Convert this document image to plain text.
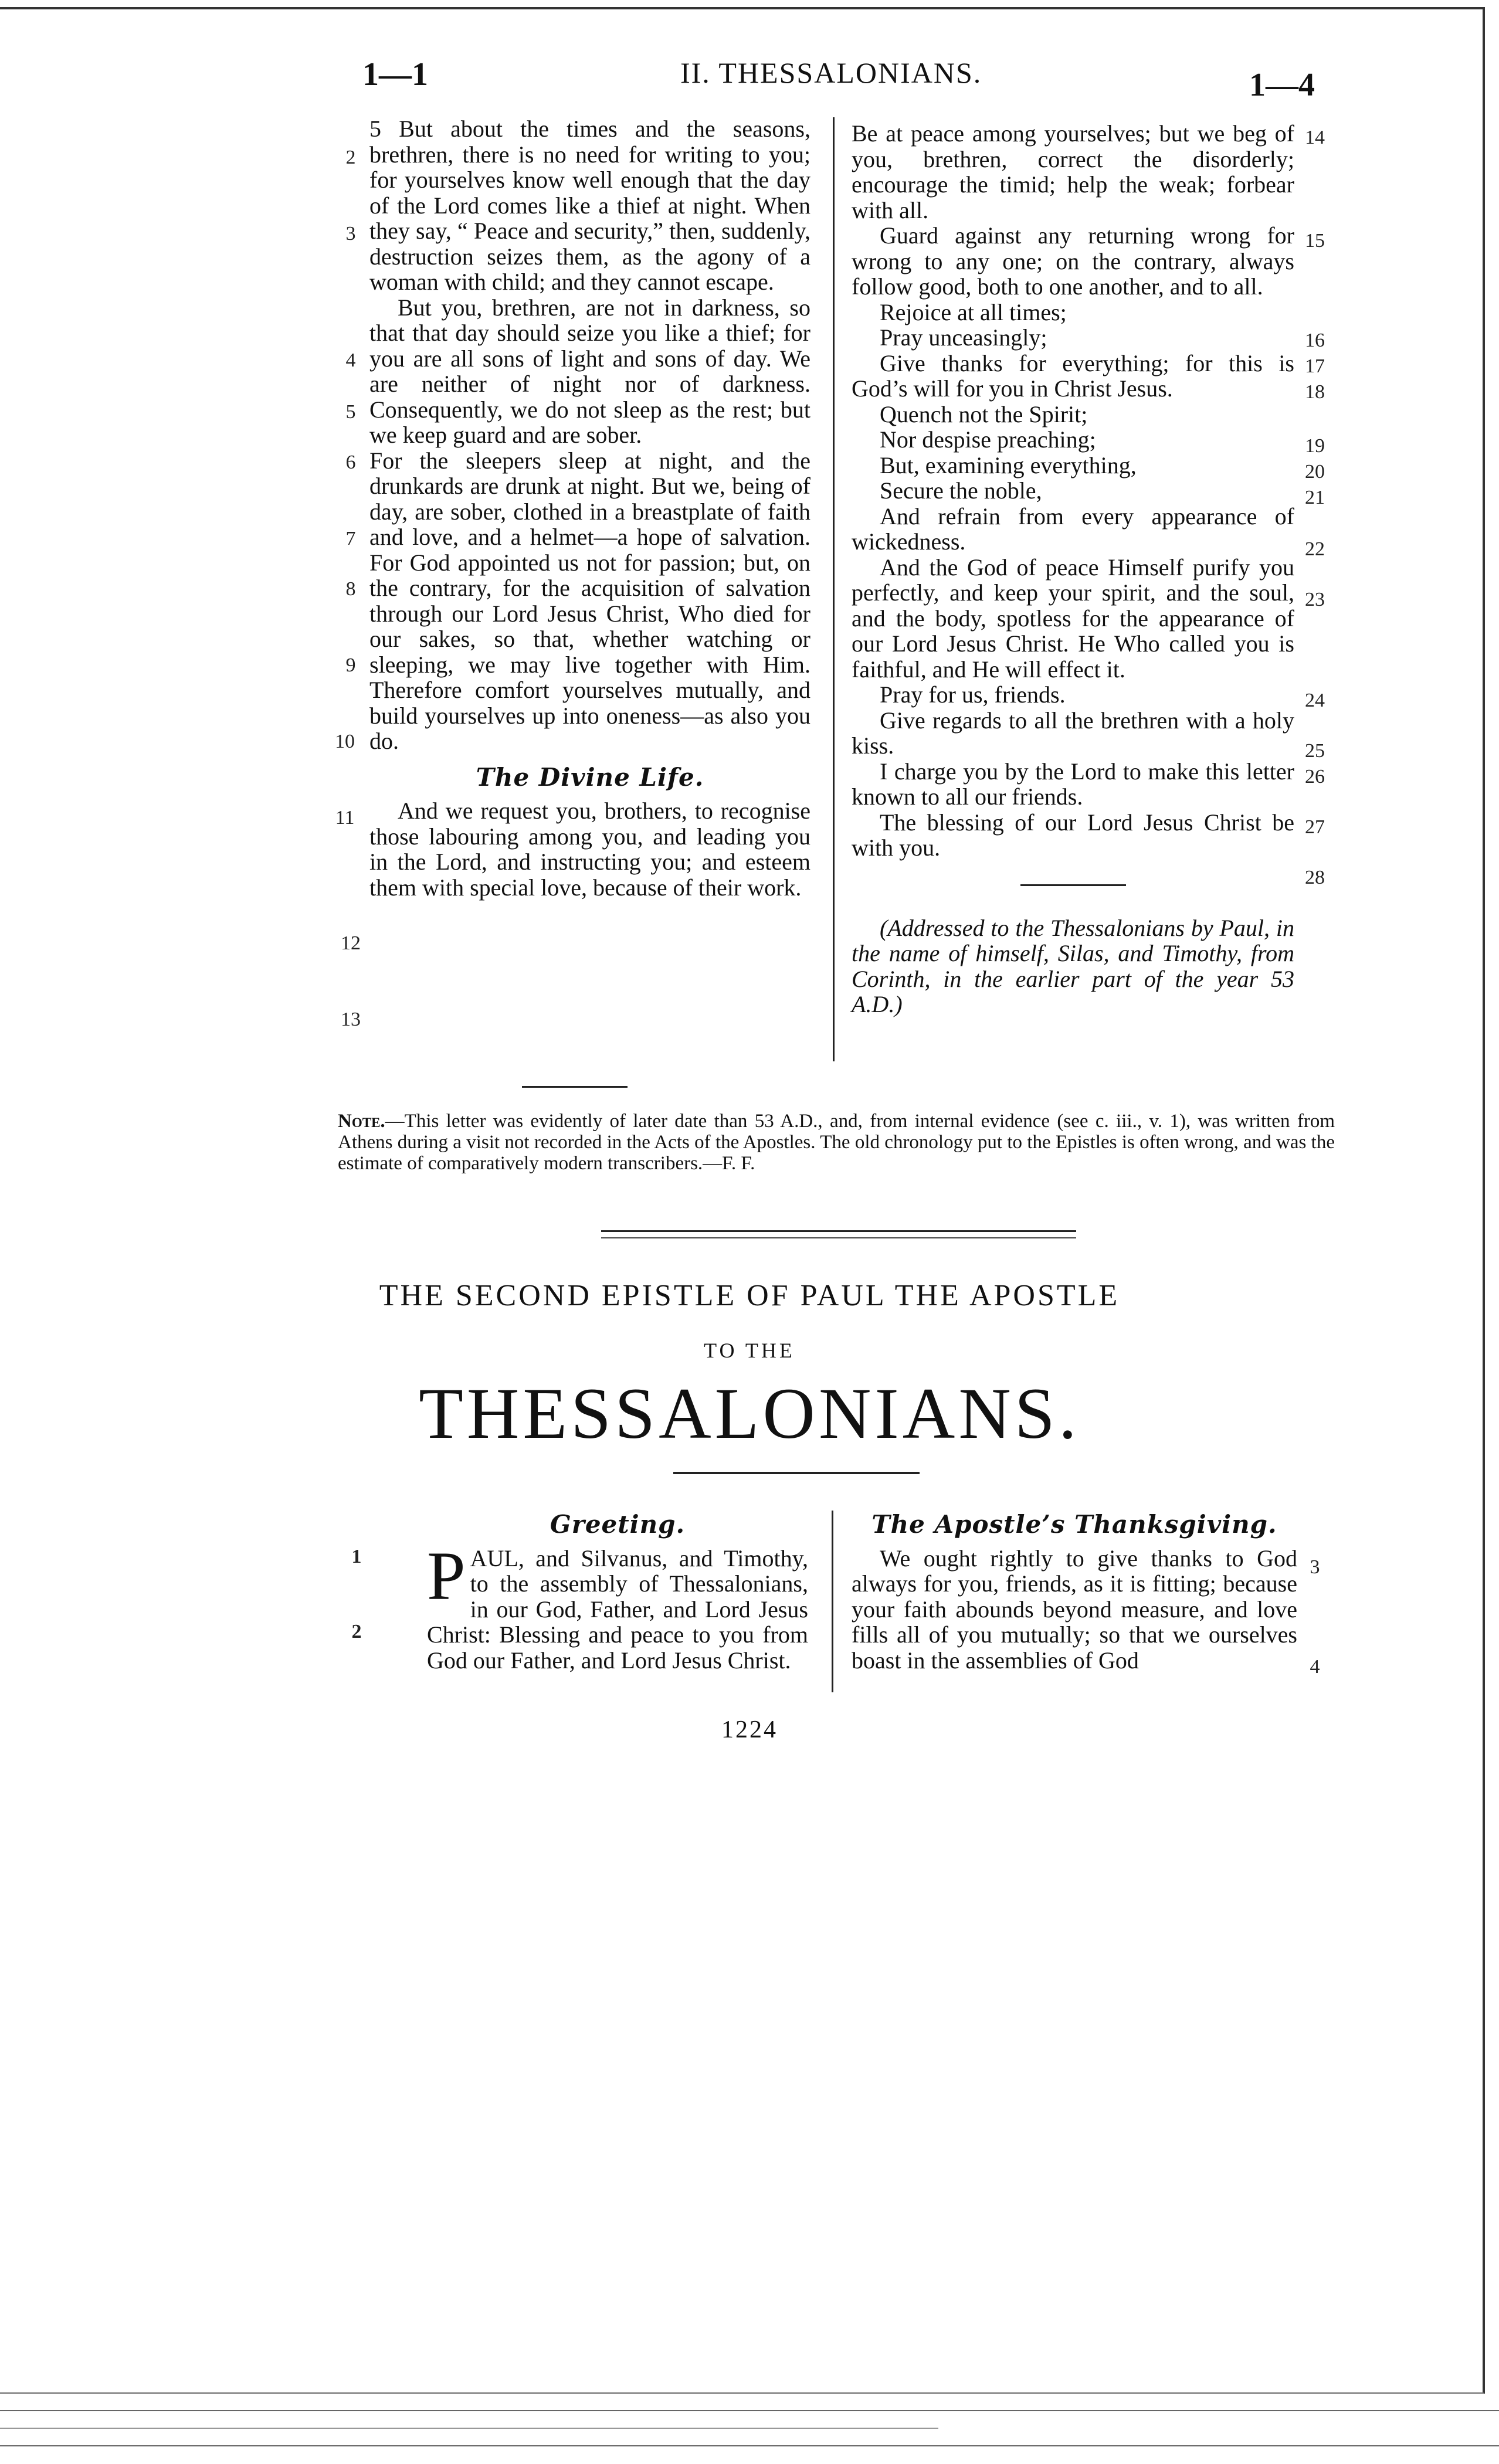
1—1	II. THESSALONIANS.	1—4
2
3
4
5
6
7
8
9
10
11
12
13

5 But about the times and the seasons, brethren, there is no need for writing to you; for yourselves know well enough that the day of the Lord comes like a thief at night. When they say, “ Peace and security,” then, suddenly, destruction seizes them, as the agony of a woman with child; and they cannot escape.

But you, brethren, are not in darkness, so that that day should seize you like a thief; for you are all sons of light and sons of day. We are neither of night nor of darkness. Consequently, we do not sleep as the rest; but we keep guard and are sober.

For the sleepers sleep at night, and the drunkards are drunk at night. But we, being of day, are sober, clothed in a breastplate of faith and love, and a helmet—a hope of salvation. For God appointed us not for passion; but, on the contrary, for the acquisition of salvation through our Lord Jesus Christ, Who died for our sakes, so that, whether watching or sleeping, we may live together with Him. Therefore comfort yourselves mutually, and build yourselves up into oneness—as also you do.

The Divine Life.

And we request you, brothers, to recognise those labouring among you, and leading you in the Lord, and instructing you; and esteem them with special love, because of their work.

14
15
16
17
18
19
20
21
22
23
24
25
26
27
28

Be at peace among yourselves; but we beg of you, brethren, correct the disorderly; encourage the timid; help the weak; forbear with all.

Guard against any returning wrong for wrong to any one; on the contrary, always follow good, both to one another, and to all.

Rejoice at all times;

Pray unceasingly;

Give thanks for everything; for this is God’s will for you in Christ Jesus.

Quench not the Spirit;

Nor despise preaching;

But, examining everything,

Secure the noble,

And refrain from every appearance of wickedness.

And the God of peace Himself purify you perfectly, and keep your spirit, and the soul, and the body, spotless for the appearance of our Lord Jesus Christ. He Who called you is faithful, and He will effect it.

Pray for us, friends.

Give regards to all the brethren with a holy kiss.

I charge you by the Lord to make this letter known to all our friends.

The blessing of our Lord Jesus Christ be with you.

(Addressed to the Thessalonians by Paul, in the name of himself, Silas, and Timothy, from Corinth, in the earlier part of the year 53 A.D.)

Note.—This letter was evidently of later date than 53 A.D., and, from internal evidence (see c. iii., v. 1), was written from Athens during a visit not recorded in the Acts of the Apostles. The old chronology put to the Epistles is often wrong, and was the estimate of comparatively modern transcribers.—F. F.
THE SECOND EPISTLE OF PAUL THE APOSTLE
TO THE
THESSALONIANS.
1
2
Greeting.

PAUL, and Silvanus, and Timothy, to the assembly of Thessalonians, in our God, Father, and Lord Jesus Christ: Blessing and peace to you from God our Father, and Lord Jesus Christ.

The Apostle’s Thanksgiving.

We ought rightly to give thanks to God always for you, friends, as it is fitting; because your faith abounds beyond measure, and love fills all of you mutually; so that we ourselves boast in the assemblies of God

3
4
1224
